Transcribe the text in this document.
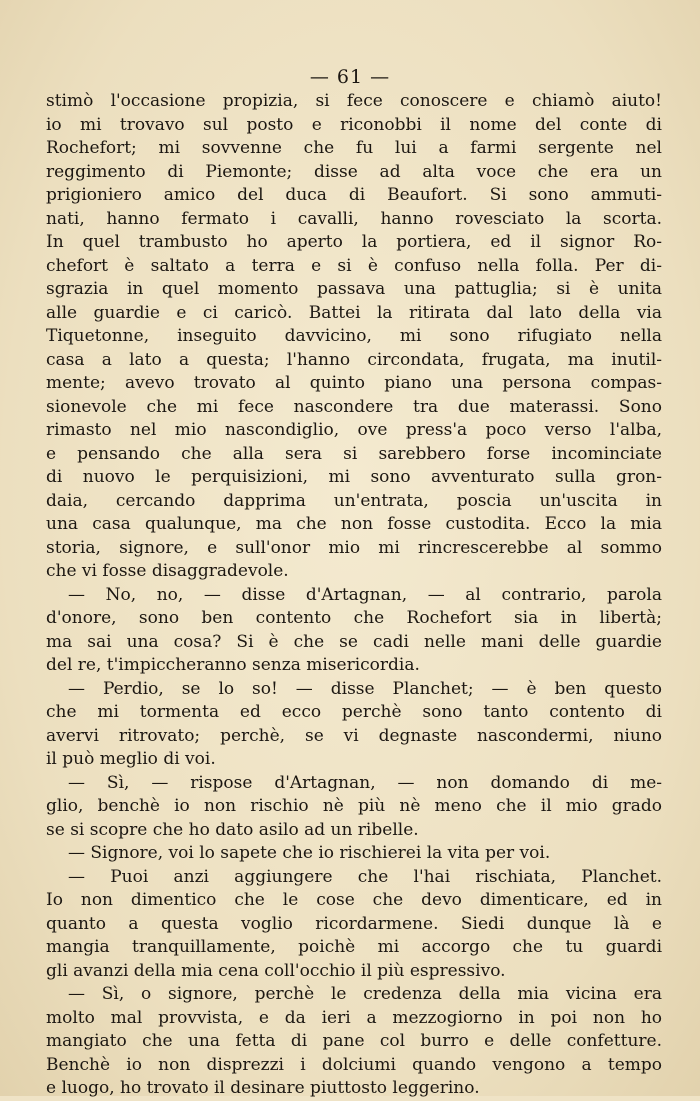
— 61 —
stimò l'occasione propizia, si fece conoscere e chiamò aiuto!
io mi trovavo sul posto e riconobbi il nome del conte di
Rochefort; mi sovvenne che fu lui a farmi sergente nel
reggimento di Piemonte; disse ad alta voce che era un
prigioniero amico del duca di Beaufort. Si sono ammuti-
nati, hanno fermato i cavalli, hanno rovesciato la scorta.
In quel trambusto ho aperto la portiera, ed il signor Ro-
chefort è saltato a terra e si è confuso nella folla. Per di-
sgrazia in quel momento passava una pattuglia; si è unita
alle guardie e ci caricò. Battei la ritirata dal lato della via
Tiquetonne, inseguito davvicino, mi sono rifugiato nella
casa a lato a questa; l'hanno circondata, frugata, ma inutil-
mente; avevo trovato al quinto piano una persona compas-
sionevole che mi fece nascondere tra due materassi. Sono
rimasto nel mio nascondiglio, ove press'a poco verso l'alba,
e pensando che alla sera si sarebbero forse incominciate
di nuovo le perquisizioni, mi sono avventurato sulla gron-
daia, cercando dapprima un'entrata, poscia un'uscita in
una casa qualunque, ma che non fosse custodita. Ecco la mia
storia, signore, e sull'onor mio mi rincrescerebbe al sommo
che vi fosse disaggradevole.
— No, no, — disse d'Artagnan, — al contrario, parola
d'onore, sono ben contento che Rochefort sia in libertà;
ma sai una cosa? Si è che se cadi nelle mani delle guardie
del re, t'impiccheranno senza misericordia.
— Perdio, se lo so! — disse Planchet; — è ben questo
che mi tormenta ed ecco perchè sono tanto contento di
avervi ritrovato; perchè, se vi degnaste nascondermi, niuno
il può meglio di voi.
— Sì, — rispose d'Artagnan, — non domando di me-
glio, benchè io non rischio nè più nè meno che il mio grado
se si scopre che ho dato asilo ad un ribelle.
— Signore, voi lo sapete che io rischierei la vita per voi.
— Puoi anzi aggiungere che l'hai rischiata, Planchet.
Io non dimentico che le cose che devo dimenticare, ed in
quanto a questa voglio ricordarmene. Siedi dunque là e
mangia tranquillamente, poichè mi accorgo che tu guardi
gli avanzi della mia cena coll'occhio il più espressivo.
— Sì, o signore, perchè le credenza della mia vicina era
molto mal provvista, e da ieri a mezzogiorno in poi non ho
mangiato che una fetta di pane col burro e delle confetture.
Benchè io non disprezzi i dolciumi quando vengono a tempo
e luogo, ho trovato il desinare piuttosto leggerino.
